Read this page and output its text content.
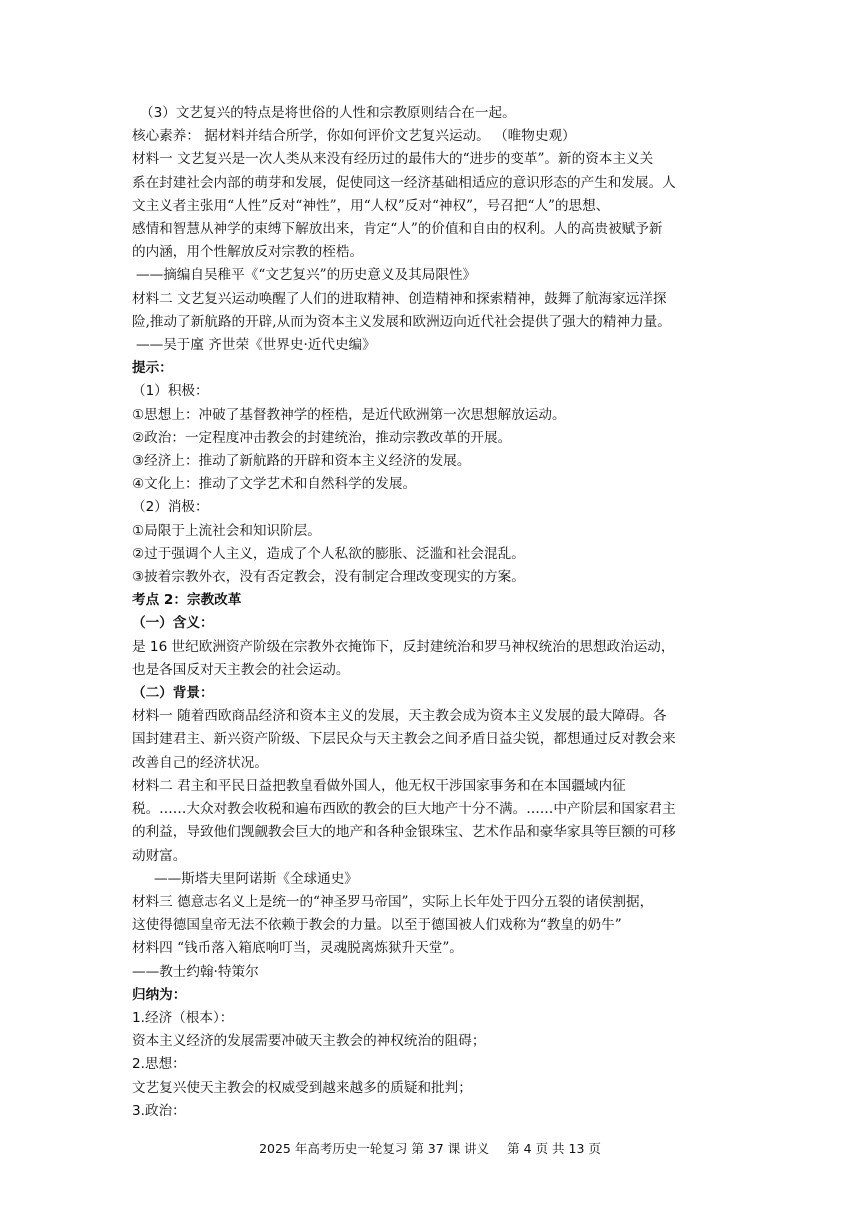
（3）文艺复兴的特点是将世俗的人性和宗教原则结合在一起。
核心素养： 据材料并结合所学，你如何评价文艺复兴运动。 （唯物史观）
材料一 文艺复兴是一次人类从来没有经历过的最伟大的“进步的变革”。新的资本主义关
系在封建社会内部的萌芽和发展，促使同这一经济基础相适应的意识形态的产生和发展。人
文主义者主张用“人性”反对“神性”，用“人权”反对“神权”，号召把“人”的思想、
感情和智慧从神学的束缚下解放出来，肯定“人”的价值和自由的权利。人的高贵被赋予新
的内涵，用个性解放反对宗教的桎梏。
——摘编自吴稚平《“文艺复兴”的历史意义及其局限性》
材料二 文艺复兴运动唤醒了人们的进取精神、创造精神和探索精神，鼓舞了航海家远洋探
险,推动了新航路的开辟,从而为资本主义发展和欧洲迈向近代社会提供了强大的精神力量。
——吴于廑 齐世荣《世界史·近代史编》
提示：
（1）积极：
①思想上：冲破了基督教神学的桎梏，是近代欧洲第一次思想解放运动。
②政治：一定程度冲击教会的封建统治，推动宗教改革的开展。
③经济上：推动了新航路的开辟和资本主义经济的发展。
④文化上：推动了文学艺术和自然科学的发展。
（2）消极：
①局限于上流社会和知识阶层。
②过于强调个人主义，造成了个人私欲的膨胀、泛滥和社会混乱。
③披着宗教外衣，没有否定教会，没有制定合理改变现实的方案。
考点 2：宗教改革
（一）含义：
是 16 世纪欧洲资产阶级在宗教外衣掩饰下，反封建统治和罗马神权统治的思想政治运动，
也是各国反对天主教会的社会运动。
（二）背景：
材料一 随着西欧商品经济和资本主义的发展，天主教会成为资本主义发展的最大障碍。各
国封建君主、新兴资产阶级、下层民众与天主教会之间矛盾日益尖锐，都想通过反对教会来
改善自己的经济状况。
材料二 君主和平民日益把教皇看做外国人，他无权干涉国家事务和在本国疆域内征
税。……大众对教会收税和遍布西欧的教会的巨大地产十分不满。……中产阶层和国家君主
的利益，导致他们觊觎教会巨大的地产和各种金银珠宝、艺术作品和豪华家具等巨额的可移
动财富。
——斯塔夫里阿诺斯《全球通史》
材料三 德意志名义上是统一的“神圣罗马帝国”，实际上长年处于四分五裂的诸侯割据，
这使得德国皇帝无法不依赖于教会的力量。以至于德国被人们戏称为“教皇的奶牛”
材料四 “钱币落入箱底响叮当，灵魂脱离炼狱升天堂”。
——教士约翰·特策尔
归纳为：
1.经济（根本）：
资本主义经济的发展需要冲破天主教会的神权统治的阻碍；
2.思想：
文艺复兴使天主教会的权威受到越来越多的质疑和批判；
3.政治：
2025 年高考历史一轮复习 第 37 课 讲义 第 4 页 共 13 页
